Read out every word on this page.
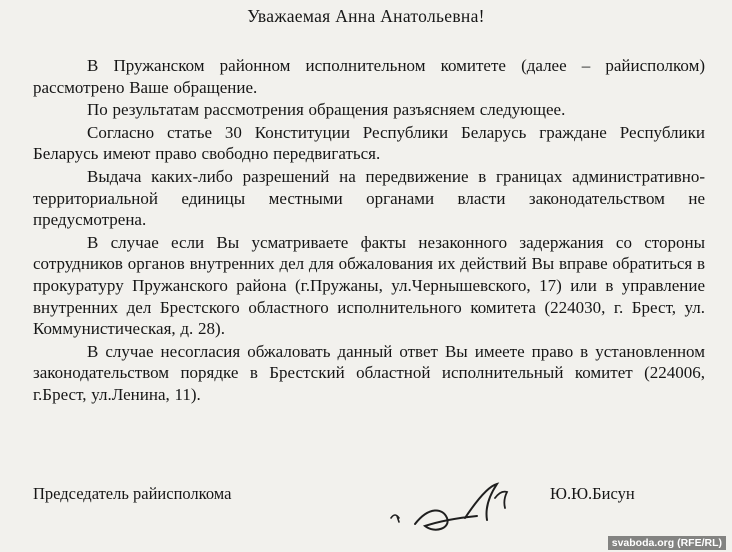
Уважаемая Анна Анатольевна!

В Пружанском районном исполнительном комитете (далее – райисполком) рассмотрено Ваше обращение.

По результатам рассмотрения обращения разъясняем следующее.

Согласно статье 30 Конституции Республики Беларусь граждане Республики Беларусь имеют право свободно передвигаться.

Выдача каких-либо разрешений на передвижение в границах административно-территориальной единицы местными органами власти законодательством не предусмотрена.

В случае если Вы усматриваете факты незаконного задержания со стороны сотрудников органов внутренних дел для обжалования их действий Вы вправе обратиться в прокуратуру Пружанского района (г.Пружаны, ул.Чернышевского, 17) или в управление внутренних дел Брестского областного исполнительного комитета (224030, г. Брест, ул. Коммунистическая, д. 28).

В случае несогласия обжаловать данный ответ Вы имеете право в установленном законодательством порядке в Брестский областной исполнительный комитет (224006, г.Брест, ул.Ленина, 11).

Председатель райисполкома	Ю.Ю.Бисун
svaboda.org (RFE/RL)
